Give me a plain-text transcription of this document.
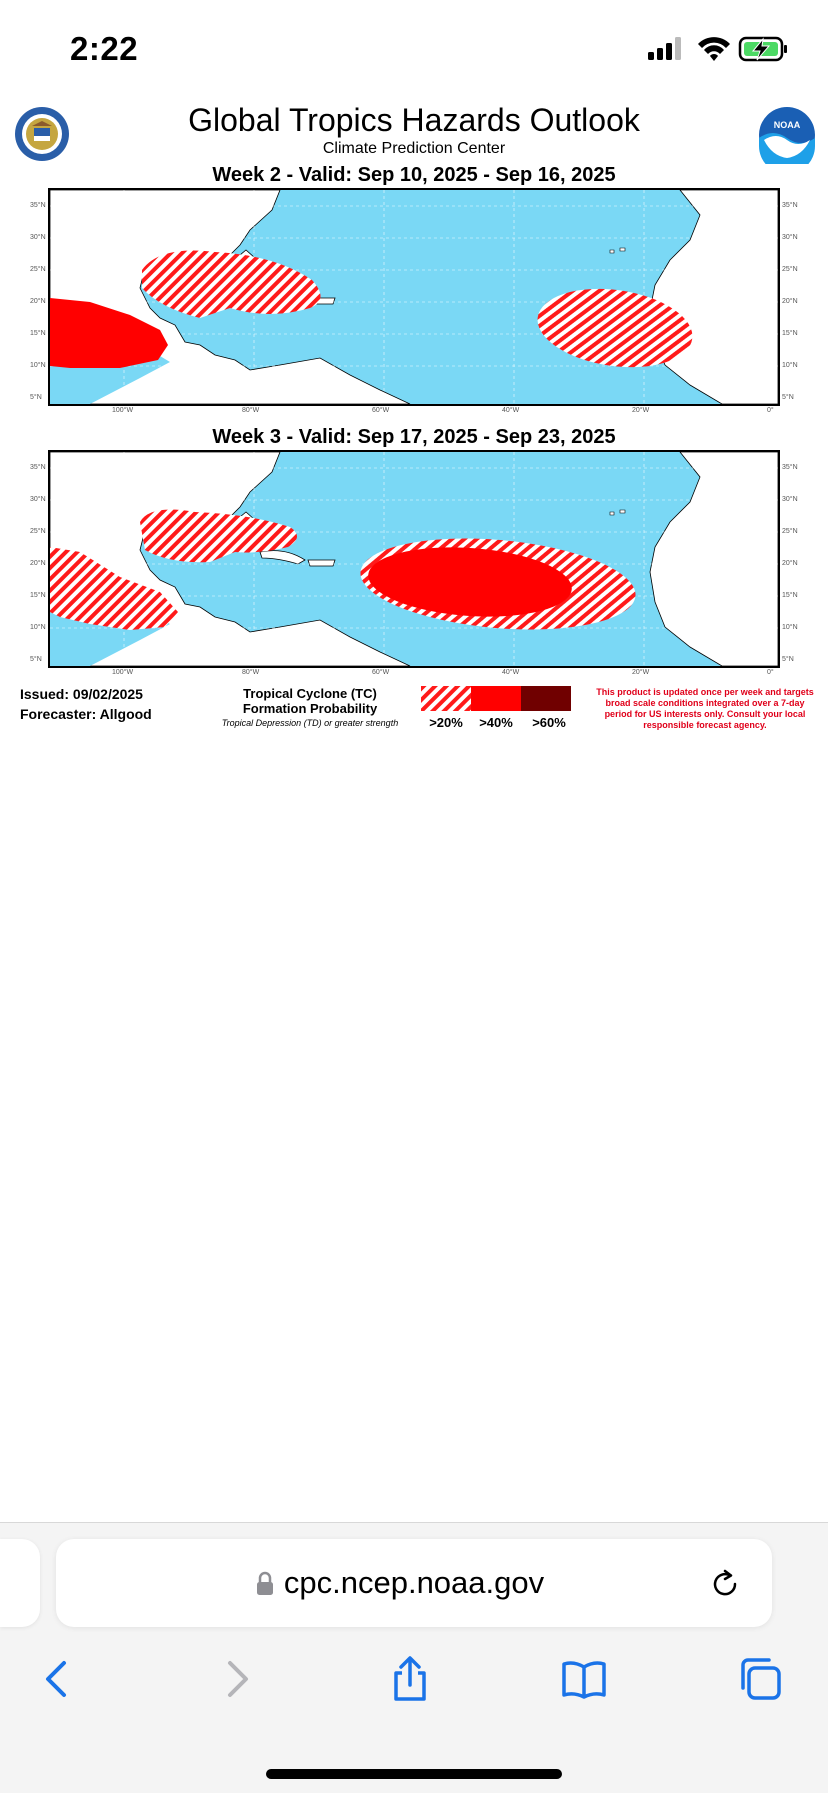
2:22
Global Tropics Hazards Outlook
Climate Prediction Center
NOAA
Week 2 - Valid: Sep 10, 2025 - Sep 16, 2025
Week 3 - Valid: Sep 17, 2025 - Sep 23, 2025
35°N
30°N
25°N
20°N
15°N
10°N
5°N
35°N
30°N
25°N
20°N
15°N
10°N
5°N
100°W	80°W	60°W	40°W	20°W	0°
35°N
30°N
25°N
20°N
15°N
10°N
5°N
35°N
30°N
25°N
20°N
15°N
10°N
5°N
100°W	80°W	60°W	40°W	20°W	0°
Issued: 09/02/2025
Forecaster: Allgood
Tropical Cyclone (TC)
Formation Probability
Tropical Depression (TD) or greater strength	>20%	>40%	>60%
This product is updated once per week and targets broad scale conditions integrated over a 7-day period for US interests only. Consult your local responsible forecast agency.
cpc.ncep.noaa.gov
